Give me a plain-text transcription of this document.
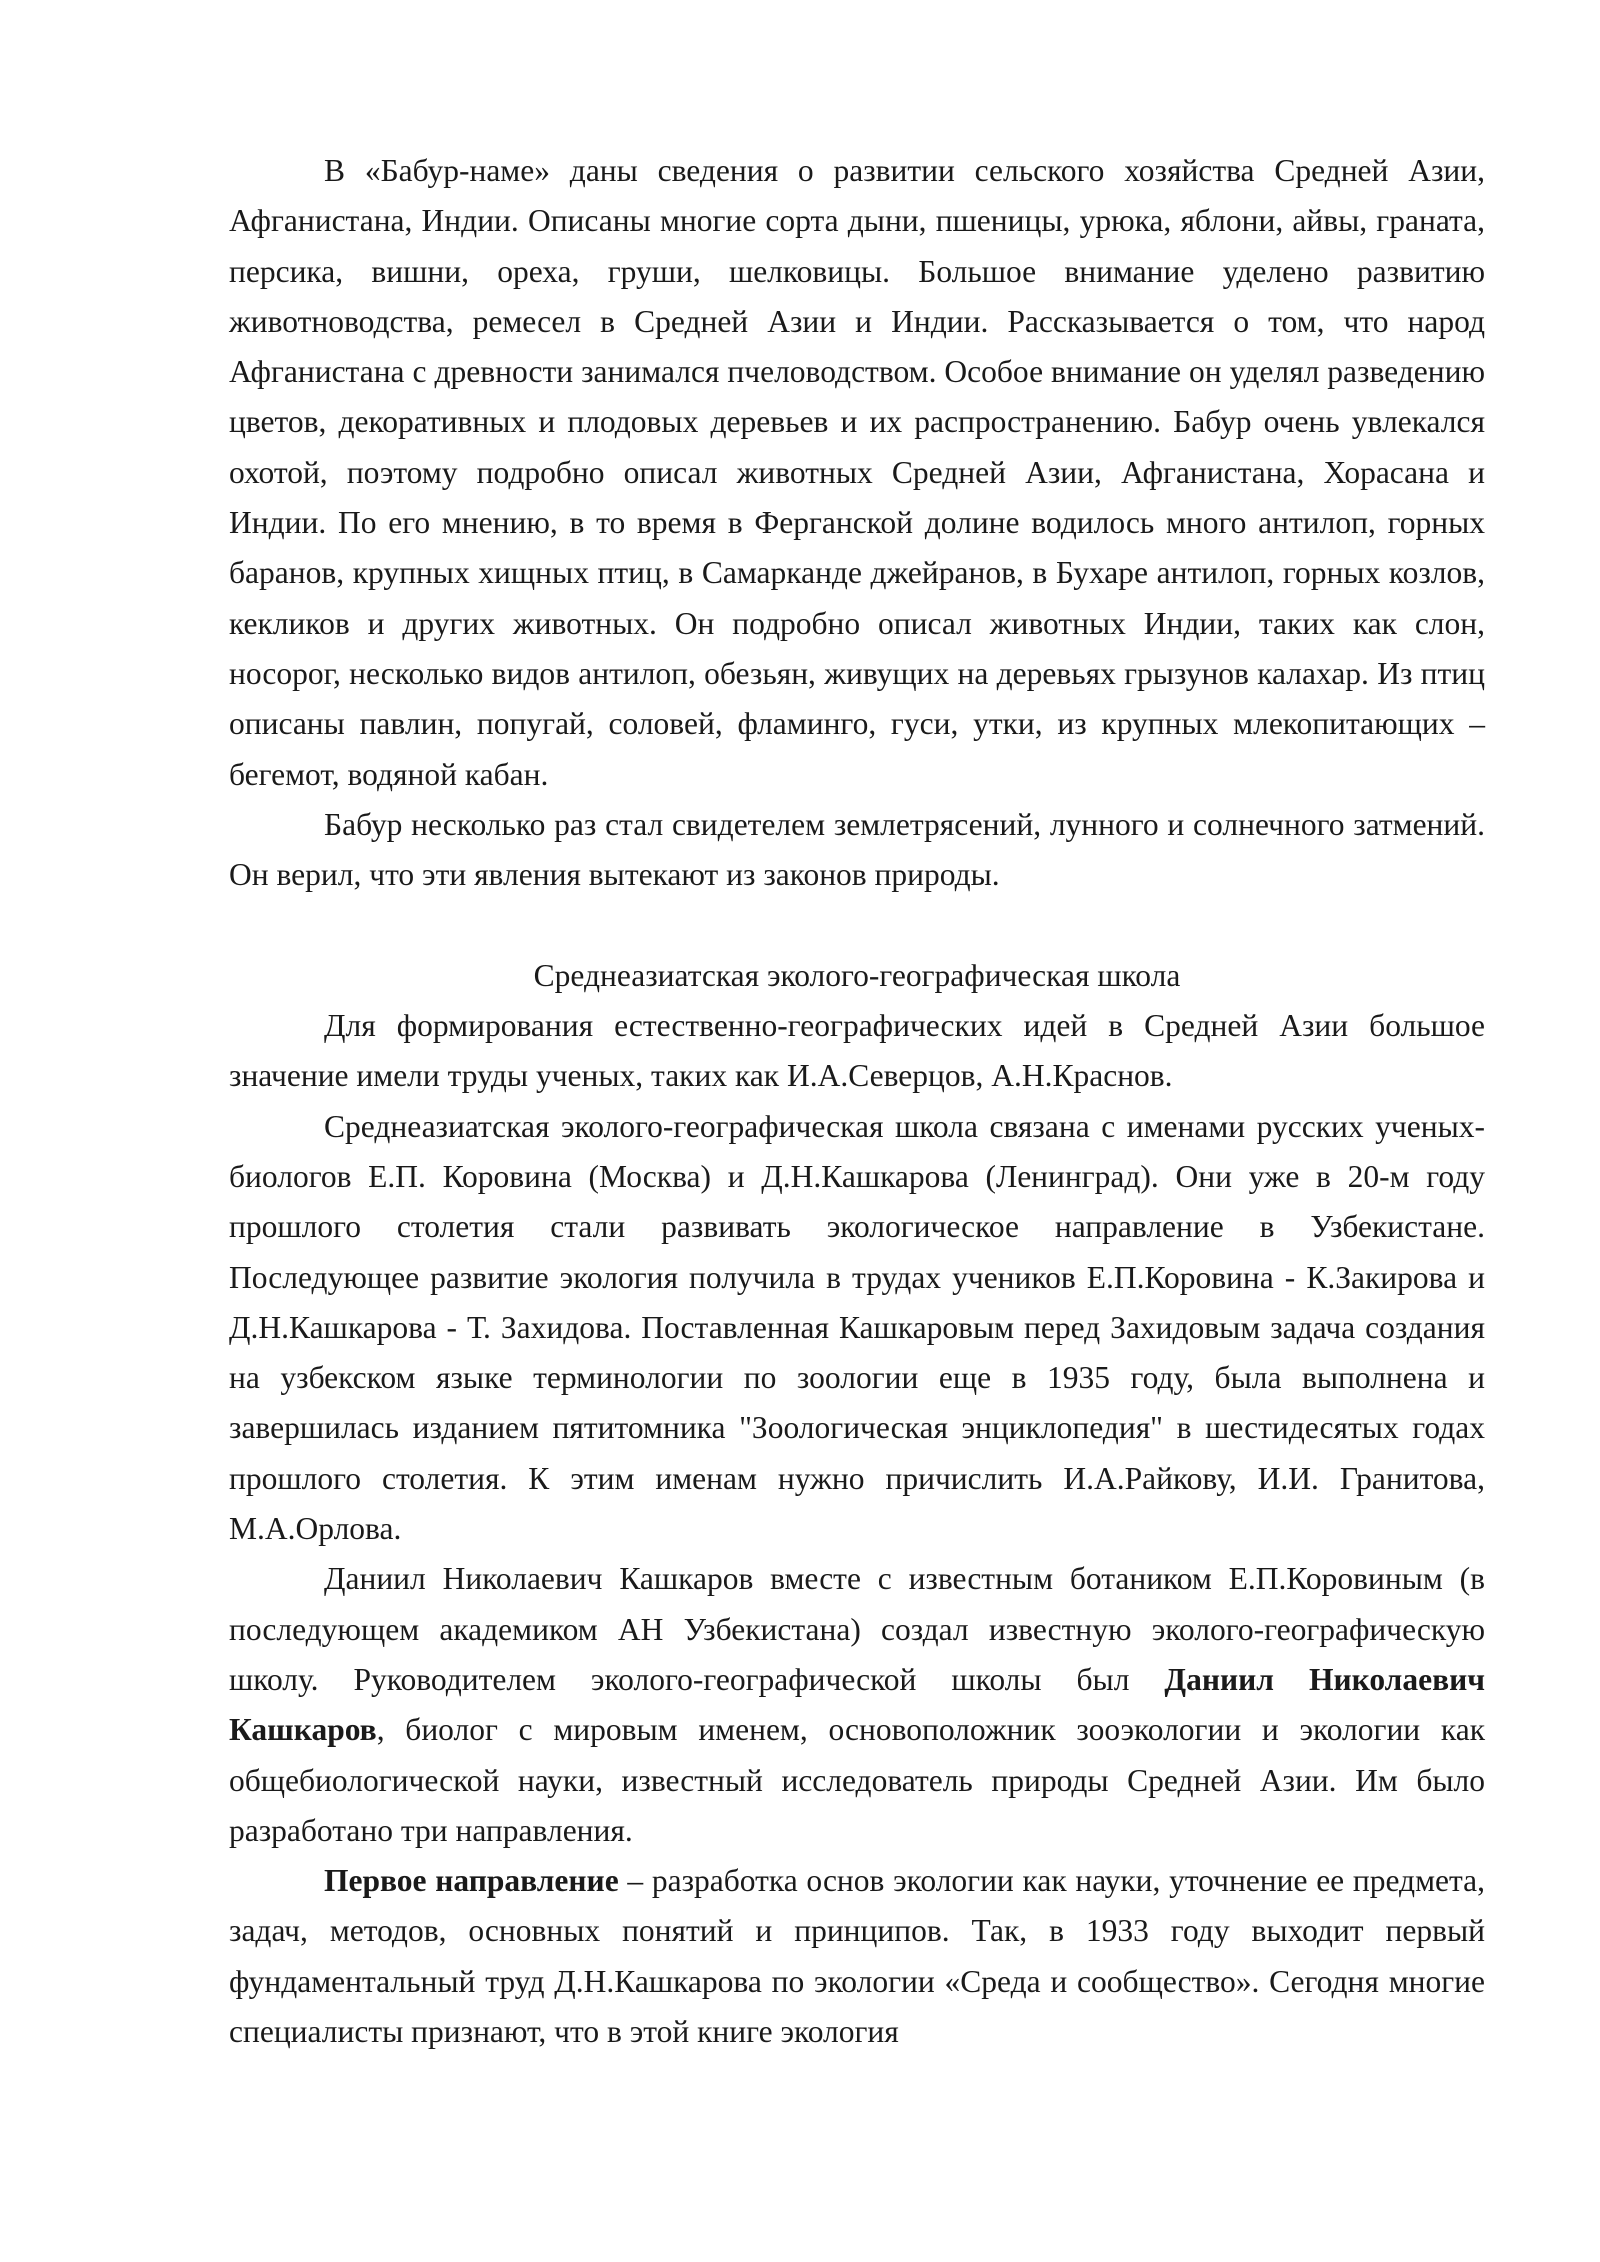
В «Бабур-наме» даны сведения о развитии сельского хозяйства Средней Азии, Афганистана, Индии. Описаны многие сорта дыни, пшеницы, урюка, яблони, айвы, граната, персика, вишни, ореха, груши, шелковицы. Большое внимание уделено развитию животноводства, ремесел в Средней Азии и Индии. Рассказывается о том, что народ Афганистана с древности занимался пчеловодством. Особое внимание он уделял разведению цветов, декоративных и плодовых деревьев и их распространению. Бабур очень увлекался охотой, поэтому подробно описал животных Средней Азии, Афганистана, Хорасана и Индии. По его мнению, в то время в Ферганской долине водилось много антилоп, горных баранов, крупных хищных птиц, в Самарканде джейранов, в Бухаре антилоп, горных козлов, кекликов и других животных. Он подробно описал животных Индии, таких как слон, носорог, несколько видов антилоп, обезьян, живущих на деревьях грызунов калахар. Из птиц описаны павлин, попугай, соловей, фламинго, гуси, утки, из крупных млекопитающих – бегемот, водяной кабан.

Бабур несколько раз стал свидетелем землетрясений, лунного и солнечного затмений. Он верил, что эти явления вытекают из законов природы.

Среднеазиатская эколого-географическая школа

Для формирования естественно-географических идей в Средней Азии большое значение имели труды ученых, таких как И.А.Северцов, А.Н.Краснов.

Среднеазиатская эколого-географическая школа связана с именами русских ученых-биологов Е.П. Коровина (Москва) и Д.Н.Кашкарова (Ленинград). Они уже в 20-м году прошлого столетия стали развивать экологическое направление в Узбекистане. Последующее развитие экология получила в трудах учеников Е.П.Коровина - К.Закирова и Д.Н.Кашкарова - Т. Захидова. Поставленная Кашкаровым перед Захидовым задача создания на узбекском языке терминологии по зоологии еще в 1935 году, была выполнена и завершилась изданием пятитомника "Зоологическая энциклопедия" в шестидесятых годах прошлого столетия. К этим именам нужно причислить И.А.Райкову, И.И. Гранитова, М.А.Орлова.

Даниил Николаевич Кашкаров вместе с известным ботаником Е.П.Коровиным (в последующем академиком АН Узбекистана) создал известную эколого-географическую школу. Руководителем эколого-географической школы был Даниил Николаевич Кашкаров, биолог с мировым именем, основоположник зооэкологии и экологии как общебиологической науки, известный исследователь природы Средней Азии. Им было разработано три направления.

Первое направление – разработка основ экологии как науки, уточнение ее предмета, задач, методов, основных понятий и принципов. Так, в 1933 году выходит первый фундаментальный труд Д.Н.Кашкарова по экологии «Среда и сообщество». Сегодня многие специалисты признают, что в этой книге экология
